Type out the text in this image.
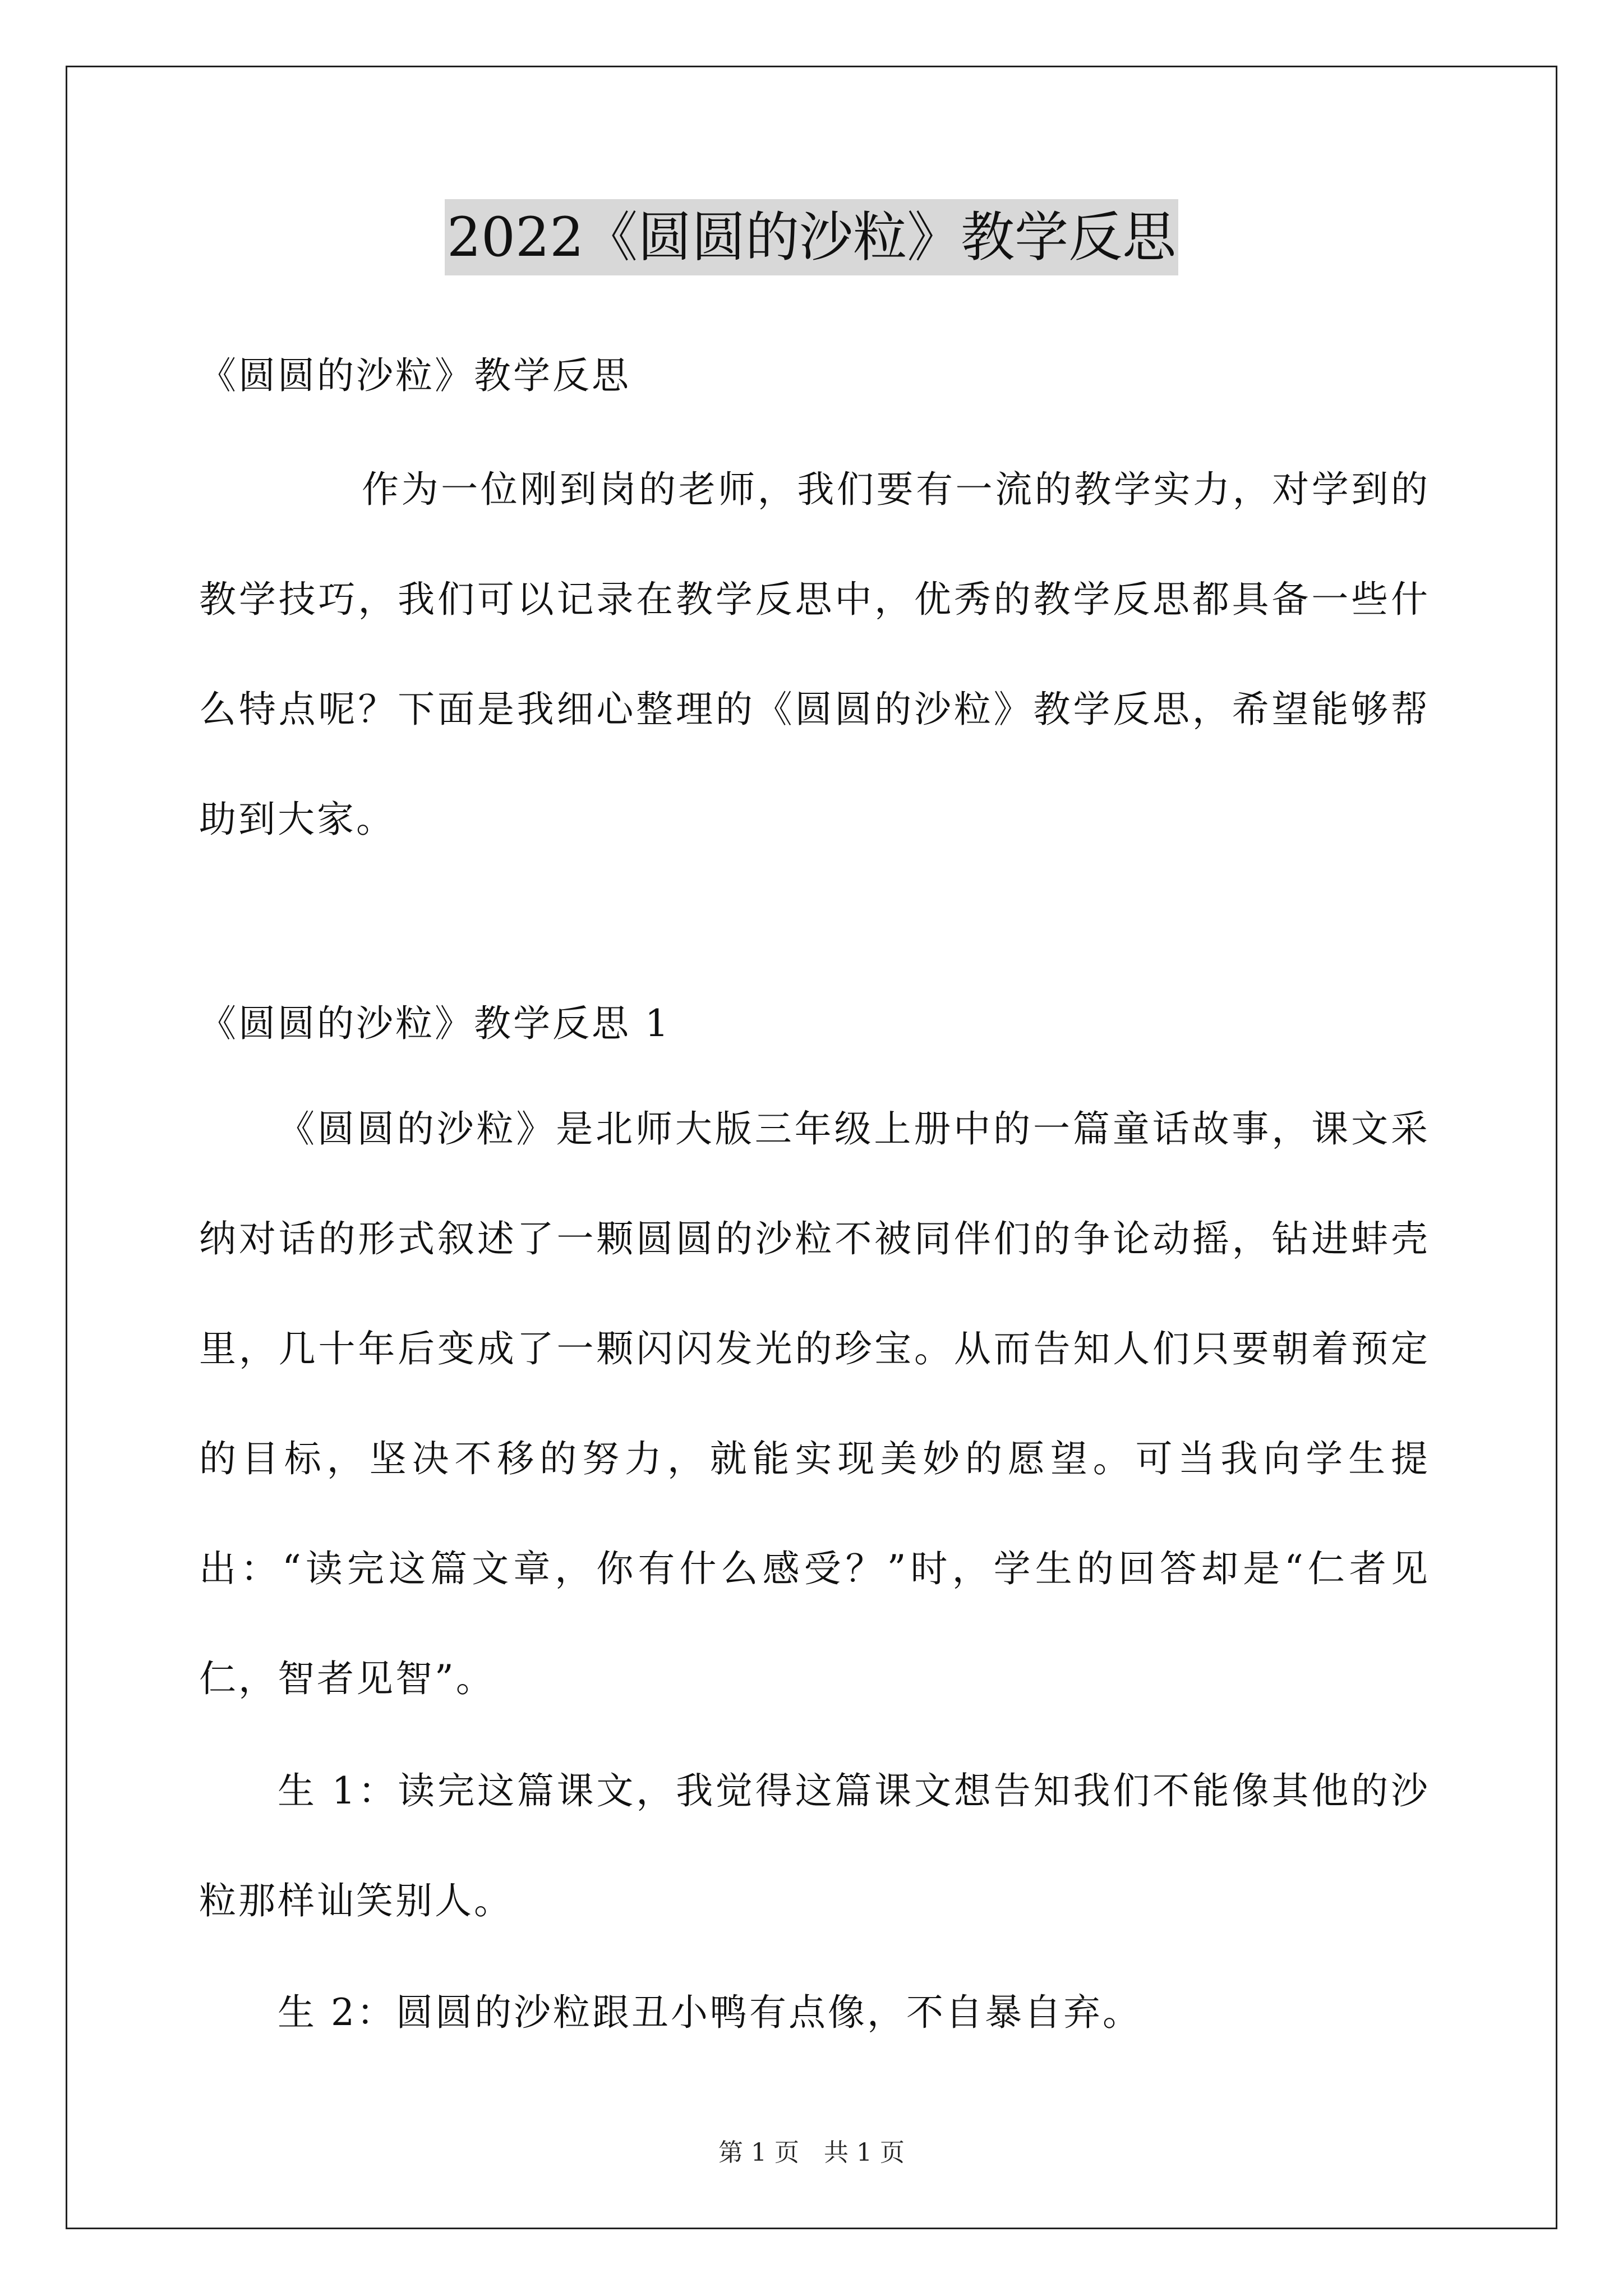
2022《圆圆的沙粒》教学反思
《圆圆的沙粒》教学反思
作为一位刚到岗的老师，我们要有一流的教学实力，对学到的教学技巧，我们可以记录在教学反思中，优秀的教学反思都具备一些什么特点呢？下面是我细心整理的《圆圆的沙粒》教学反思，希望能够帮助到大家。
《圆圆的沙粒》教学反思 1
《圆圆的沙粒》是北师大版三年级上册中的一篇童话故事，课文采纳对话的形式叙述了一颗圆圆的沙粒不被同伴们的争论动摇，钻进蚌壳里，几十年后变成了一颗闪闪发光的珍宝。从而告知人们只要朝着预定的目标，坚决不移的努力，就能实现美妙的愿望。可当我向学生提出：“读完这篇文章，你有什么感受？”时，学生的回答却是“仁者见仁，智者见智”。
生 1：读完这篇课文，我觉得这篇课文想告知我们不能像其他的沙粒那样讪笑别人。
生 2：圆圆的沙粒跟丑小鸭有点像，不自暴自弃。
第 1 页　共 1 页
